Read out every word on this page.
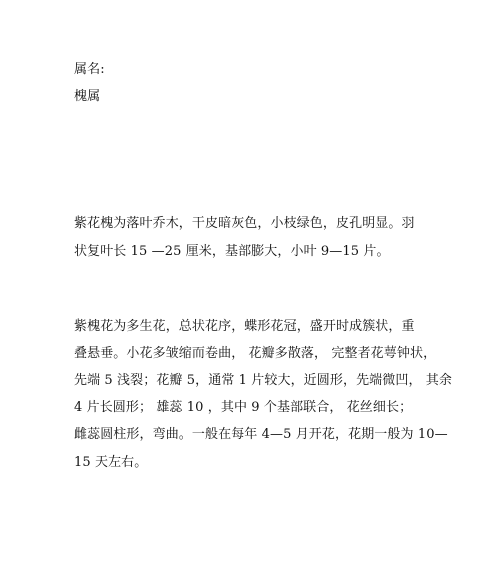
属名:
槐属
紫花槐为落叶乔木，干皮暗灰色，小枝绿色，皮孔明显。羽
状复叶长 15 —25 厘米，基部膨大，小叶 9—15 片。
紫槐花为多生花，总状花序，蝶形花冠，盛开时成簇状，重
叠悬垂。小花多皱缩而卷曲， 花瓣多散落， 完整者花萼钟状，
先端 5 浅裂；花瓣 5，通常 1 片较大，近圆形，先端微凹， 其余
4 片长圆形； 雄蕊 10 ，其中 9 个基部联合， 花丝细长；
雌蕊圆柱形，弯曲。一般在每年 4—5 月开花，花期一般为 10—
15 天左右。
